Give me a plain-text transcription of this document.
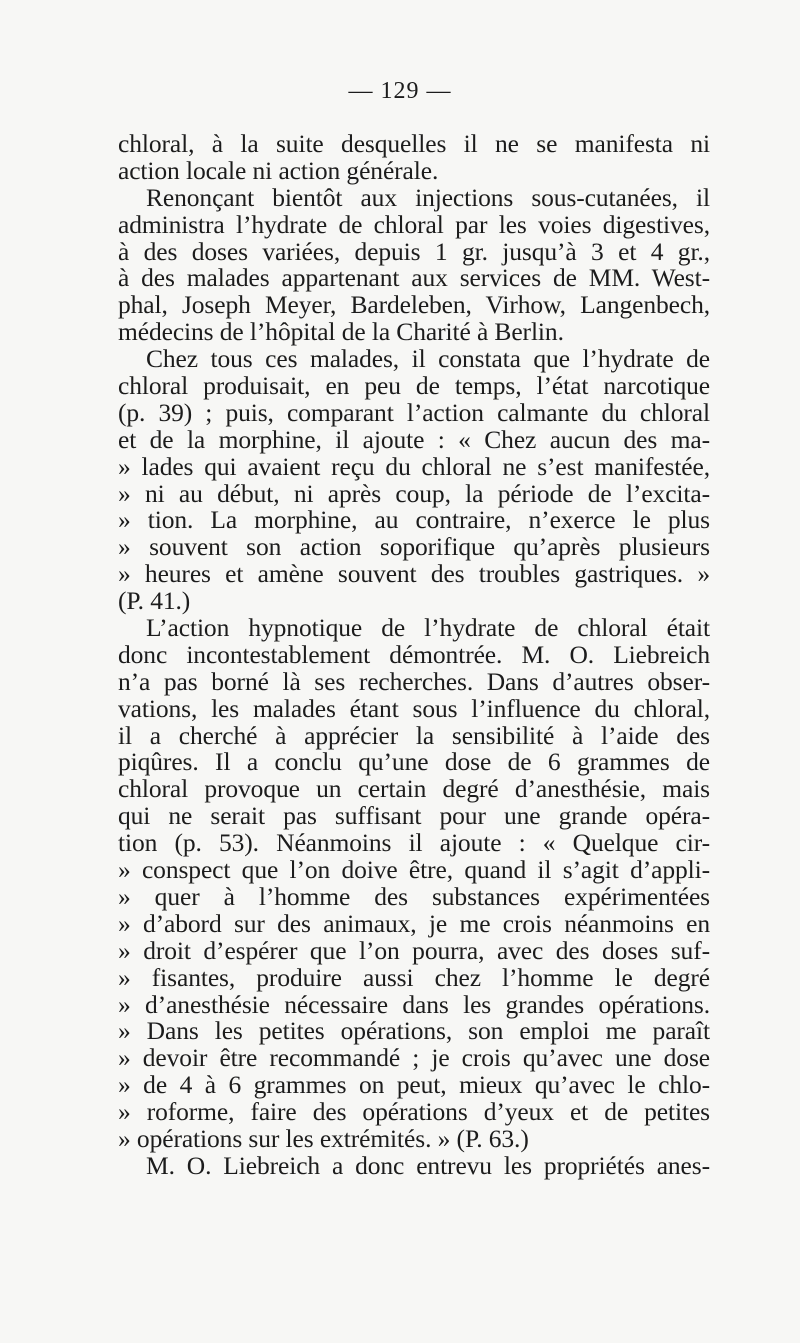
— 129 —
chloral, à la suite desquelles il ne se manifesta ni
action locale ni action générale.
Renonçant bientôt aux injections sous-cutanées, il
administra l’hydrate de chloral par les voies digestives,
à des doses variées, depuis 1 gr. jusqu’à 3 et 4 gr.,
à des malades appartenant aux services de MM. West-
phal, Joseph Meyer, Bardeleben, Virhow, Langenbech,
médecins de l’hôpital de la Charité à Berlin.
Chez tous ces malades, il constata que l’hydrate de
chloral produisait, en peu de temps, l’état narcotique
(p. 39) ; puis, comparant l’action calmante du chloral
et de la morphine, il ajoute : « Chez aucun des ma-
» lades qui avaient reçu du chloral ne s’est manifestée,
» ni au début, ni après coup, la période de l’excita-
» tion. La morphine, au contraire, n’exerce le plus
» souvent son action soporifique qu’après plusieurs
» heures et amène souvent des troubles gastriques. »
(P. 41.)
L’action hypnotique de l’hydrate de chloral était
donc incontestablement démontrée. M. O. Liebreich
n’a pas borné là ses recherches. Dans d’autres obser-
vations, les malades étant sous l’influence du chloral,
il a cherché à apprécier la sensibilité à l’aide des
piqûres. Il a conclu qu’une dose de 6 grammes de
chloral provoque un certain degré d’anesthésie, mais
qui ne serait pas suffisant pour une grande opéra-
tion (p. 53). Néanmoins il ajoute : « Quelque cir-
» conspect que l’on doive être, quand il s’agit d’appli-
» quer à l’homme des substances expérimentées
» d’abord sur des animaux, je me crois néanmoins en
» droit d’espérer que l’on pourra, avec des doses suf-
» fisantes, produire aussi chez l’homme le degré
» d’anesthésie nécessaire dans les grandes opérations.
» Dans les petites opérations, son emploi me paraît
» devoir être recommandé ; je crois qu’avec une dose
» de 4 à 6 grammes on peut, mieux qu’avec le chlo-
» roforme, faire des opérations d’yeux et de petites
» opérations sur les extrémités. » (P. 63.)
M. O. Liebreich a donc entrevu les propriétés anes-
